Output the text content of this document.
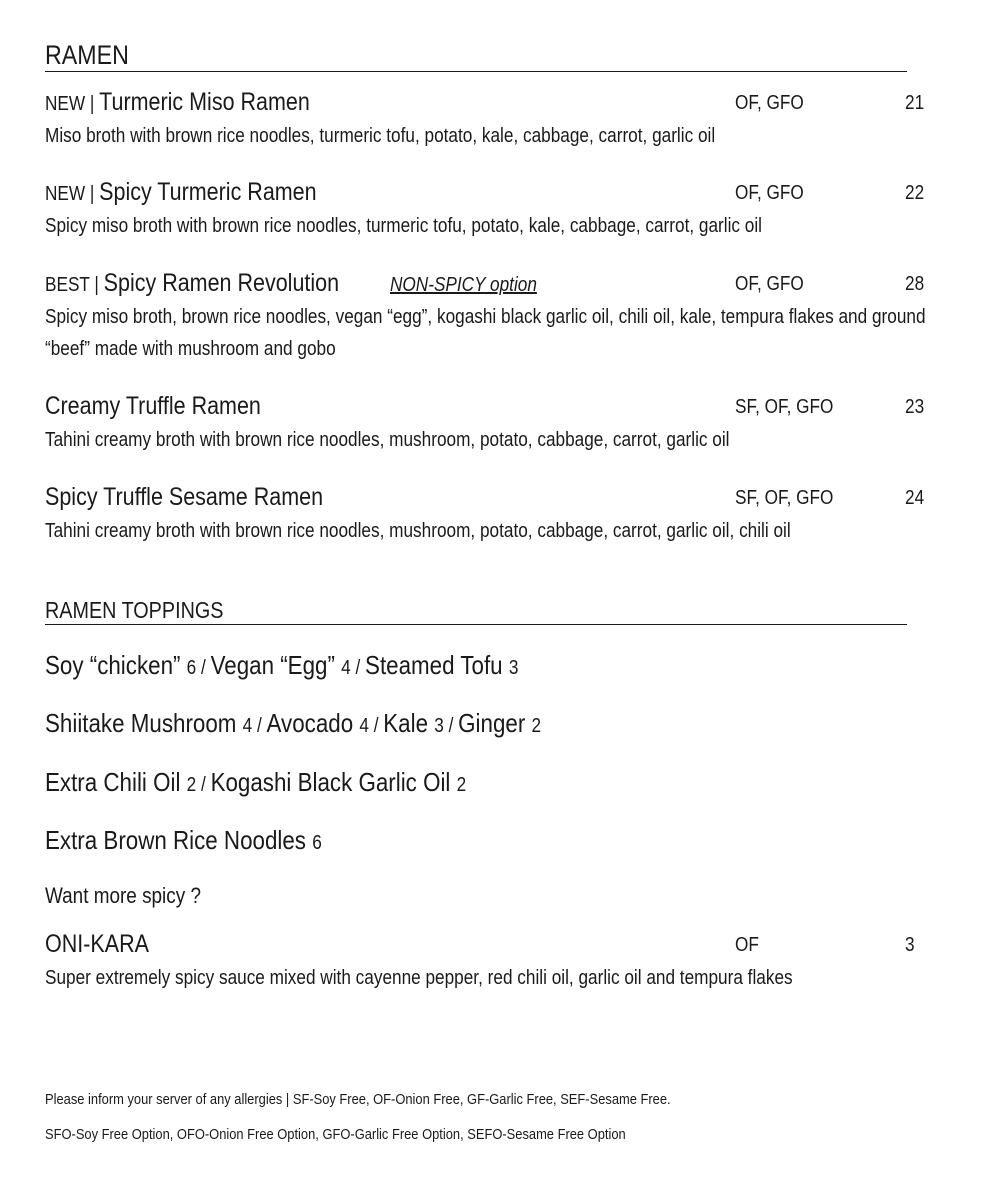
RAMEN
NEW | Turmeric Miso Ramen	OF, GFO	21
Miso broth with brown rice noodles, turmeric tofu, potato, kale, cabbage, carrot, garlic oil
NEW | Spicy Turmeric Ramen	OF, GFO	22
Spicy miso broth with brown rice noodles, turmeric tofu, potato, kale, cabbage, carrot, garlic oil
BEST | Spicy Ramen Revolution	NON-SPICY option	OF, GFO	28
Spicy miso broth, brown rice noodles, vegan “egg”, kogashi black garlic oil, chili oil, kale, tempura flakes and ground “beef” made with mushroom and gobo
Creamy Truffle Ramen	SF, OF, GFO	23
Tahini creamy broth with brown rice noodles, mushroom, potato, cabbage, carrot, garlic oil
Spicy Truffle Sesame Ramen	SF, OF, GFO	24
Tahini creamy broth with brown rice noodles, mushroom, potato, cabbage, carrot, garlic oil, chili oil
RAMEN TOPPINGS
Soy “chicken” 6 / Vegan “Egg” 4 / Steamed Tofu 3
Shiitake Mushroom 4 / Avocado 4 / Kale 3 / Ginger 2
Extra Chili Oil 2 / Kogashi Black Garlic Oil 2
Extra Brown Rice Noodles 6
Want more spicy ?
ONI-KARA	OF	3
Super extremely spicy sauce mixed with cayenne pepper, red chili oil, garlic oil and tempura flakes
Please inform your server of any allergies | SF-Soy Free, OF-Onion Free, GF-Garlic Free, SEF-Sesame Free.
SFO-Soy Free Option, OFO-Onion Free Option, GFO-Garlic Free Option, SEFO-Sesame Free Option
